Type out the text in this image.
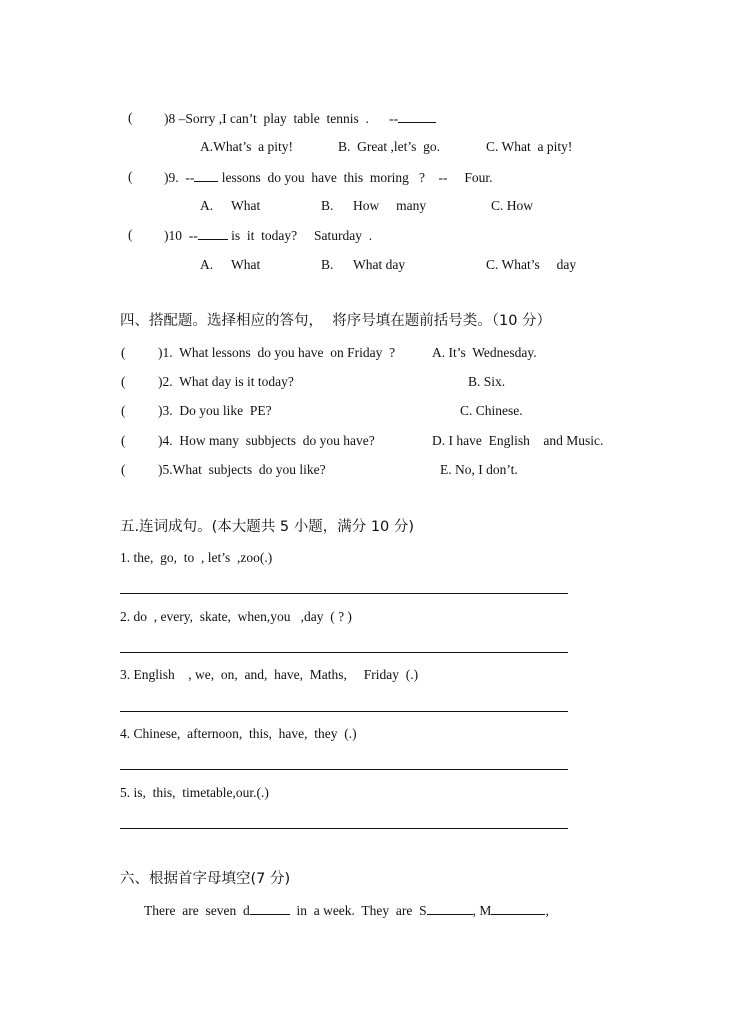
( )8 –Sorry ,I can’t  play  table  tennis  . --
A.What’s  a pity!	B.  Great ,let’s  go.	C. What  a pity!
( )9.  -- lessons  do you  have  this  moring   ?    --     Four.
A. What	B. How     many	C. How
( )10  -- is  it  today?     Saturday  .
A. What	B. What day	C. What’s     day
四、搭配题。选择相应的答句，  将序号填在题前括号类。（10 分）
( )1.  What lessons  do you have  on Friday  ?	A. It’s  Wednesday.
( )2.  What day is it today?	B. Six.
( )3.  Do you like  PE?	C. Chinese.
( )4.  How many  subbjects  do you have?	D. I have  English    and Music.
( )5.What  subjects  do you like?	E. No, I don’t.
五.连词成句。(本大题共 5 小题，满分 10 分)
1. the,  go,  to  , let’s  ,zoo(.)
2. do  , every,  skate,  when,you   ,day  ( ? )
3. English    , we,  on,  and,  have,  Maths,     Friday  (.)
4. Chinese,  afternoon,  this,  have,  they  (.)
5. is,  this,  timetable,our.(.)
六、根据首字母填空(7 分)
There  are  seven  d	in  a week.  They  are  S	, M	,
